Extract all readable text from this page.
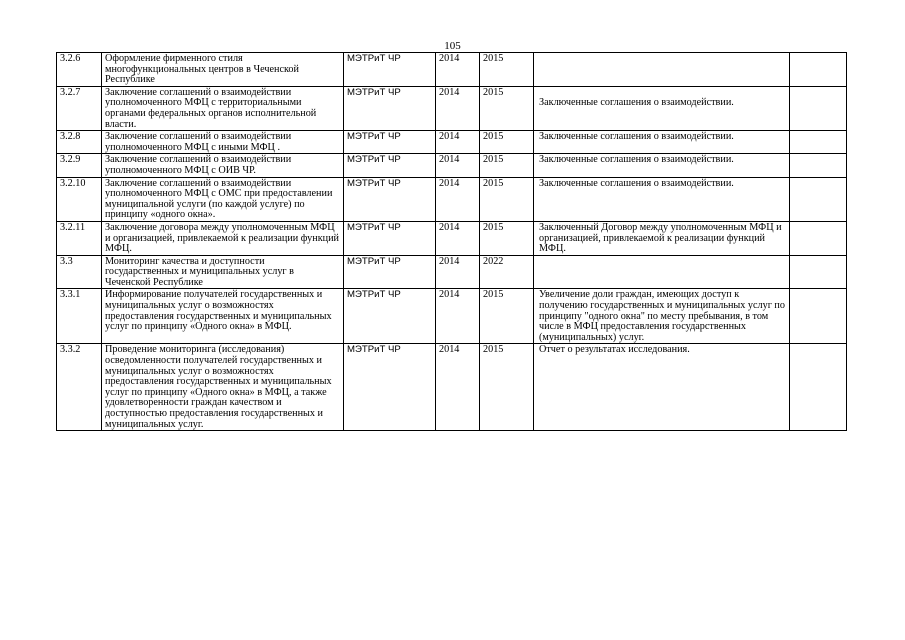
105
3.2.6	Оформление фирменного стиля многофункциональных центров в Чеченской Республике	МЭТРиТ ЧР	2014	2015		
3.2.7	Заключение соглашений о взаимодействии уполномоченного МФЦ с территориальными органами федеральных органов исполнительной власти.	МЭТРиТ ЧР	2014	2015	Заключенные соглашения о взаимодействии.	
3.2.8	Заключение соглашений о взаимодействии уполномоченного МФЦ с иными МФЦ .	МЭТРиТ ЧР	2014	2015	Заключенные соглашения о взаимодействии.	
3.2.9	Заключение соглашений о взаимодействии уполномоченного МФЦ с ОИВ ЧР.	МЭТРиТ ЧР	2014	2015	Заключенные соглашения о взаимодействии.	
3.2.10	Заключение соглашений о взаимодействии уполномоченного МФЦ с ОМС при предоставлении муниципальной услуги (по каждой услуге) по принципу «одного окна».	МЭТРиТ ЧР	2014	2015	Заключенные соглашения о взаимодействии.	
3.2.11	Заключение договора между уполномоченным МФЦ и организацией, привлекаемой к реализации функций МФЦ.	МЭТРиТ ЧР	2014	2015	Заключенный Договор между уполномоченным МФЦ и организацией, привлекаемой к реализации функций МФЦ.	
3.3	Мониторинг качества и доступности государственных и муниципальных услуг в Чеченской Республике	МЭТРиТ ЧР	2014	2022		
3.3.1	Информирование получателей государственных и муниципальных услуг о возможностях предоставления государственных и муниципальных услуг по принципу «Одного окна» в МФЦ.	МЭТРиТ ЧР	2014	2015	Увеличение доли граждан, имеющих доступ к получению государственных и муниципальных услуг по принципу "одного окна" по месту пребывания, в том числе в МФЦ предоставления государственных (муниципальных) услуг.	
3.3.2	Проведение мониторинга (исследования) осведомленности получателей государственных и муниципальных услуг о возможностях предоставления государственных и муниципальных услуг по принципу «Одного окна» в МФЦ, а также удовлетворенности граждан качеством и доступностью предоставления государственных и муниципальных услуг.	МЭТРиТ ЧР	2014	2015	Отчет о результатах исследования.	
